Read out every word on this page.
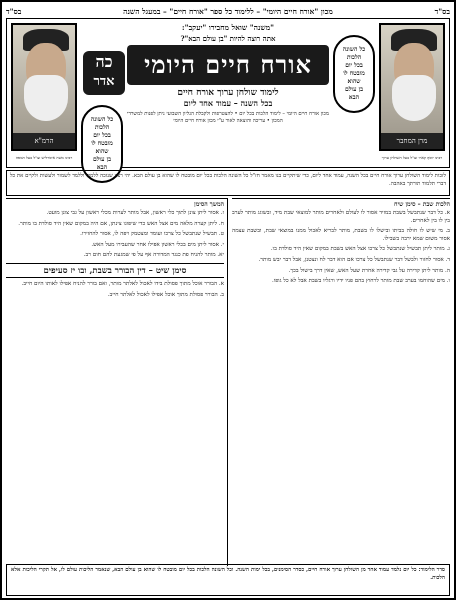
בס"ד
מכון "אורח חיים היומי" – ללימוד כל ספר "אורח חיים" – במעגל השנה
בס"ד
מרן המחבר
רבינו יוסף קארו זצ"ל בעל השולחן ערוך
הרמ"א
רבינו משה איסרליש זצ"ל בעל המפה
כל השונה
הלכות
בכל יום
מובטח לו
שהוא
בן עולם
הבא
"משנה" שואל מחבירו "יעקב":
אתה רוצה להיות "בן עולם הבא"?
אורח חיים היומי
לימוד שולחן ערוך אורח חיים
בכל השנה – עמוד אחד ליום
מכון אורח חיים היומי – לימוד הלכות בכל יום • להצטרפות ולקבלת הגליון השבועי ניתן לפנות למשרדי המכון • עריכה והוצאה לאור ע"י מכון אורח חיים היומי
כה
אדר
כל השונה
הלכות
בכל יום
מובטח לו
שהוא
בן עולם
הבא
לזכות לימוד השולחן ערוך אורח חיים בכל השנה, עמוד אחד ליום, כדי שיתקיים בנו מאמר חז"ל כל השונה הלכות בכל יום מובטח לו שהוא בן עולם הבא. יהי רצון שנזכה ללמוד וללמד לשמור ולעשות ולקיים את כל דברי תלמוד תורתך באהבה.
הלכות שבת – סימן שיח

א. כל דבר שנתבשל בשבת במזיד אסור לו לעולם ולאחרים מותר למוצאי שבת מיד, ובשוגג מותר לערב בין לו בין לאחרים.

ב. מי שיש לו חולה בביתו ובישלו לו בשבת, מותר לבריא לאכול ממנו במוצאי שבת, ובשבת עצמה אסור משום שמא ירבה בשבילו.

ג. מותר ליתן תבשיל שנתבשל כל צרכו אצל האש בשבת במקום שאין היד סולדת בו.

ד. אסור לחזור ולבשל דבר שנתבשל כל צרכו אם הוא דבר לח ונצטנן, אבל דבר יבש מותר.

ה. מותר ליתן קדירה על גבי קדירה אחרת שעל האש, שאין דרך בישול בכך.

ו. מים שהוחמו בערב שבת מותר לרחוץ בהם פניו ידיו ורגליו בשבת אבל לא כל גופו.

המשך הסימן

ז. אסור ליתן צונן לתוך כלי ראשון, אבל מותר לערות מכלי ראשון על גבי צונן מועט.

ח. ליתן קערה מלאה מים אצל האש כדי שיפוגו צינתן, אם היה במקום שאין היד סולדת בו מותר.

ט. תבשיל שנתבשל כל צרכו ועומד ומצטמק ויפה לו, אסור להחזירו.

י. אסור ליתן מים בכלי ראשון אפילו אחר שהעבירו מעל האש.

יא. מותר להניח פת כנגד המדורה אף על פי שמגעת להם חום רב.

סימן שיט – דין הבורר בשבת, ובו יז סעיפים

א. הבורר אוכל מתוך פסולת בידו לאכול לאלתר מותר, ואם בורר להניח אפילו לאותו היום חייב.

ב. הבורר פסולת מתוך אוכל אפילו לאכול לאלתר חייב.

סדר הלימוד: כל יום נלמד עמוד אחד מן השולחן ערוך אורח חיים, כסדר הסימנים, בכל ימות השנה. וכל השונה הלכות בכל יום מובטח לו שהוא בן עולם הבא, שנאמר הליכות עולם לו, אל תקרי הליכות אלא הלכות.
